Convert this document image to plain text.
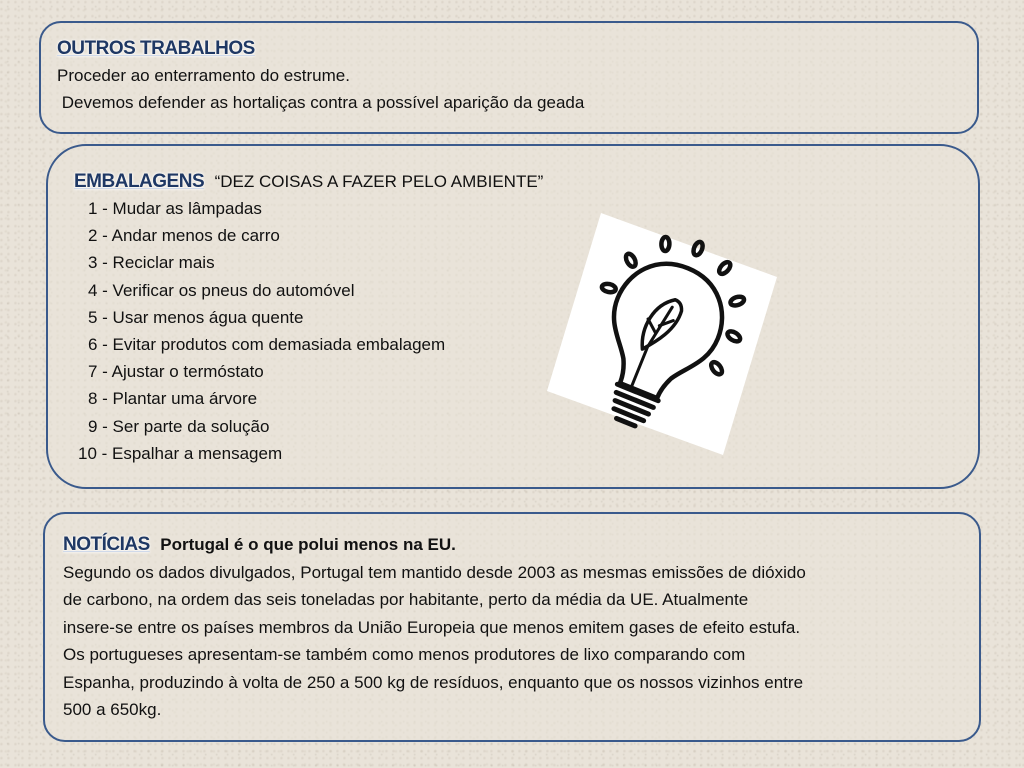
OUTROS TRABALHOS
Proceder ao enterramento do estrume.
Devemos defender as hortaliças contra a possível aparição da geada
EMBALAGENS “DEZ COISAS A FAZER PELO AMBIENTE”
1 - Mudar as lâmpadas
2 - Andar menos de carro
3 - Reciclar mais
4 - Verificar os pneus do automóvel
5 - Usar menos água quente
6 - Evitar produtos com demasiada embalagem
7 - Ajustar o termóstato
8 - Plantar uma árvore
9 - Ser parte da solução
10 - Espalhar a mensagem
NOTÍCIAS Portugal é o que polui menos na EU.

Segundo os dados divulgados, Portugal tem mantido desde 2003 as mesmas emissões de dióxido

de carbono, na ordem das seis toneladas por habitante, perto da média da UE. Atualmente

insere-se entre os países membros da União Europeia que menos emitem gases de efeito estufa.

Os portugueses apresentam-se também como menos produtores de lixo comparando com

Espanha, produzindo à volta de 250 a 500 kg de resíduos, enquanto que os nossos vizinhos entre

500 a 650kg.
